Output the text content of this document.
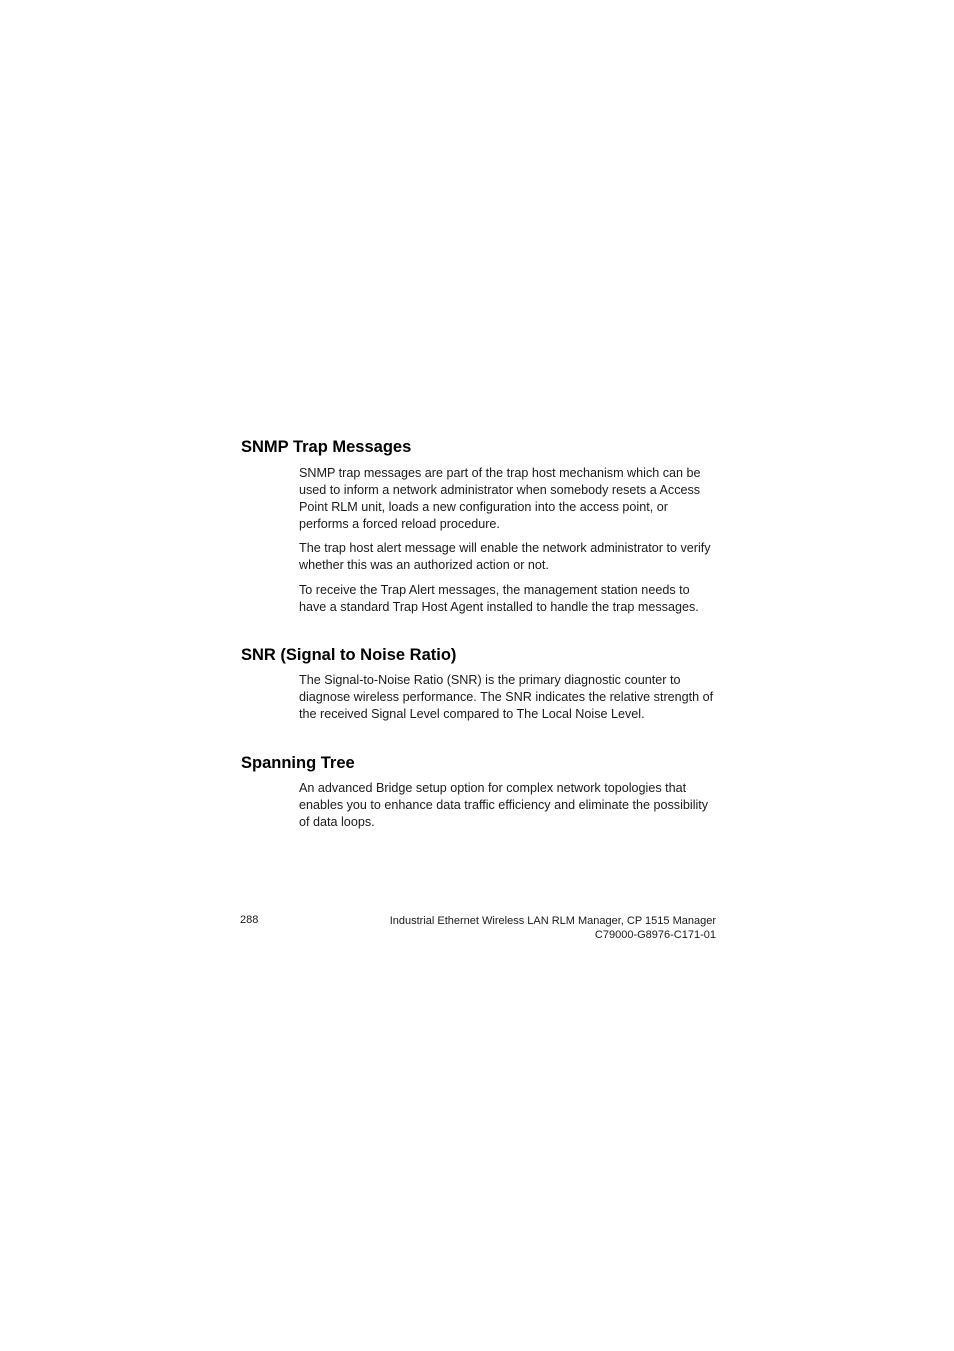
SNMP Trap Messages

SNMP trap messages are part of the trap host mechanism which can be used to inform a network administrator when somebody resets a Access Point RLM unit, loads a new configuration into the access point, or performs a forced reload procedure.

The trap host alert message will enable the network administrator to verify whether this was an authorized action or not.

To receive the Trap Alert messages, the management station needs to have a standard Trap Host Agent installed to handle the trap messages.

SNR (Signal to Noise Ratio)

The Signal-to-Noise Ratio (SNR) is the primary diagnostic counter to diagnose wireless performance. The SNR indicates the relative strength of the received Signal Level compared to The Local Noise Level.

Spanning Tree

An advanced Bridge setup option for complex network topologies that enables you to enhance data traffic efficiency and eliminate the possibility of data loops.

288	Industrial Ethernet Wireless LAN RLM Manager, CP 1515 Manager
C79000-G8976-C171-01
